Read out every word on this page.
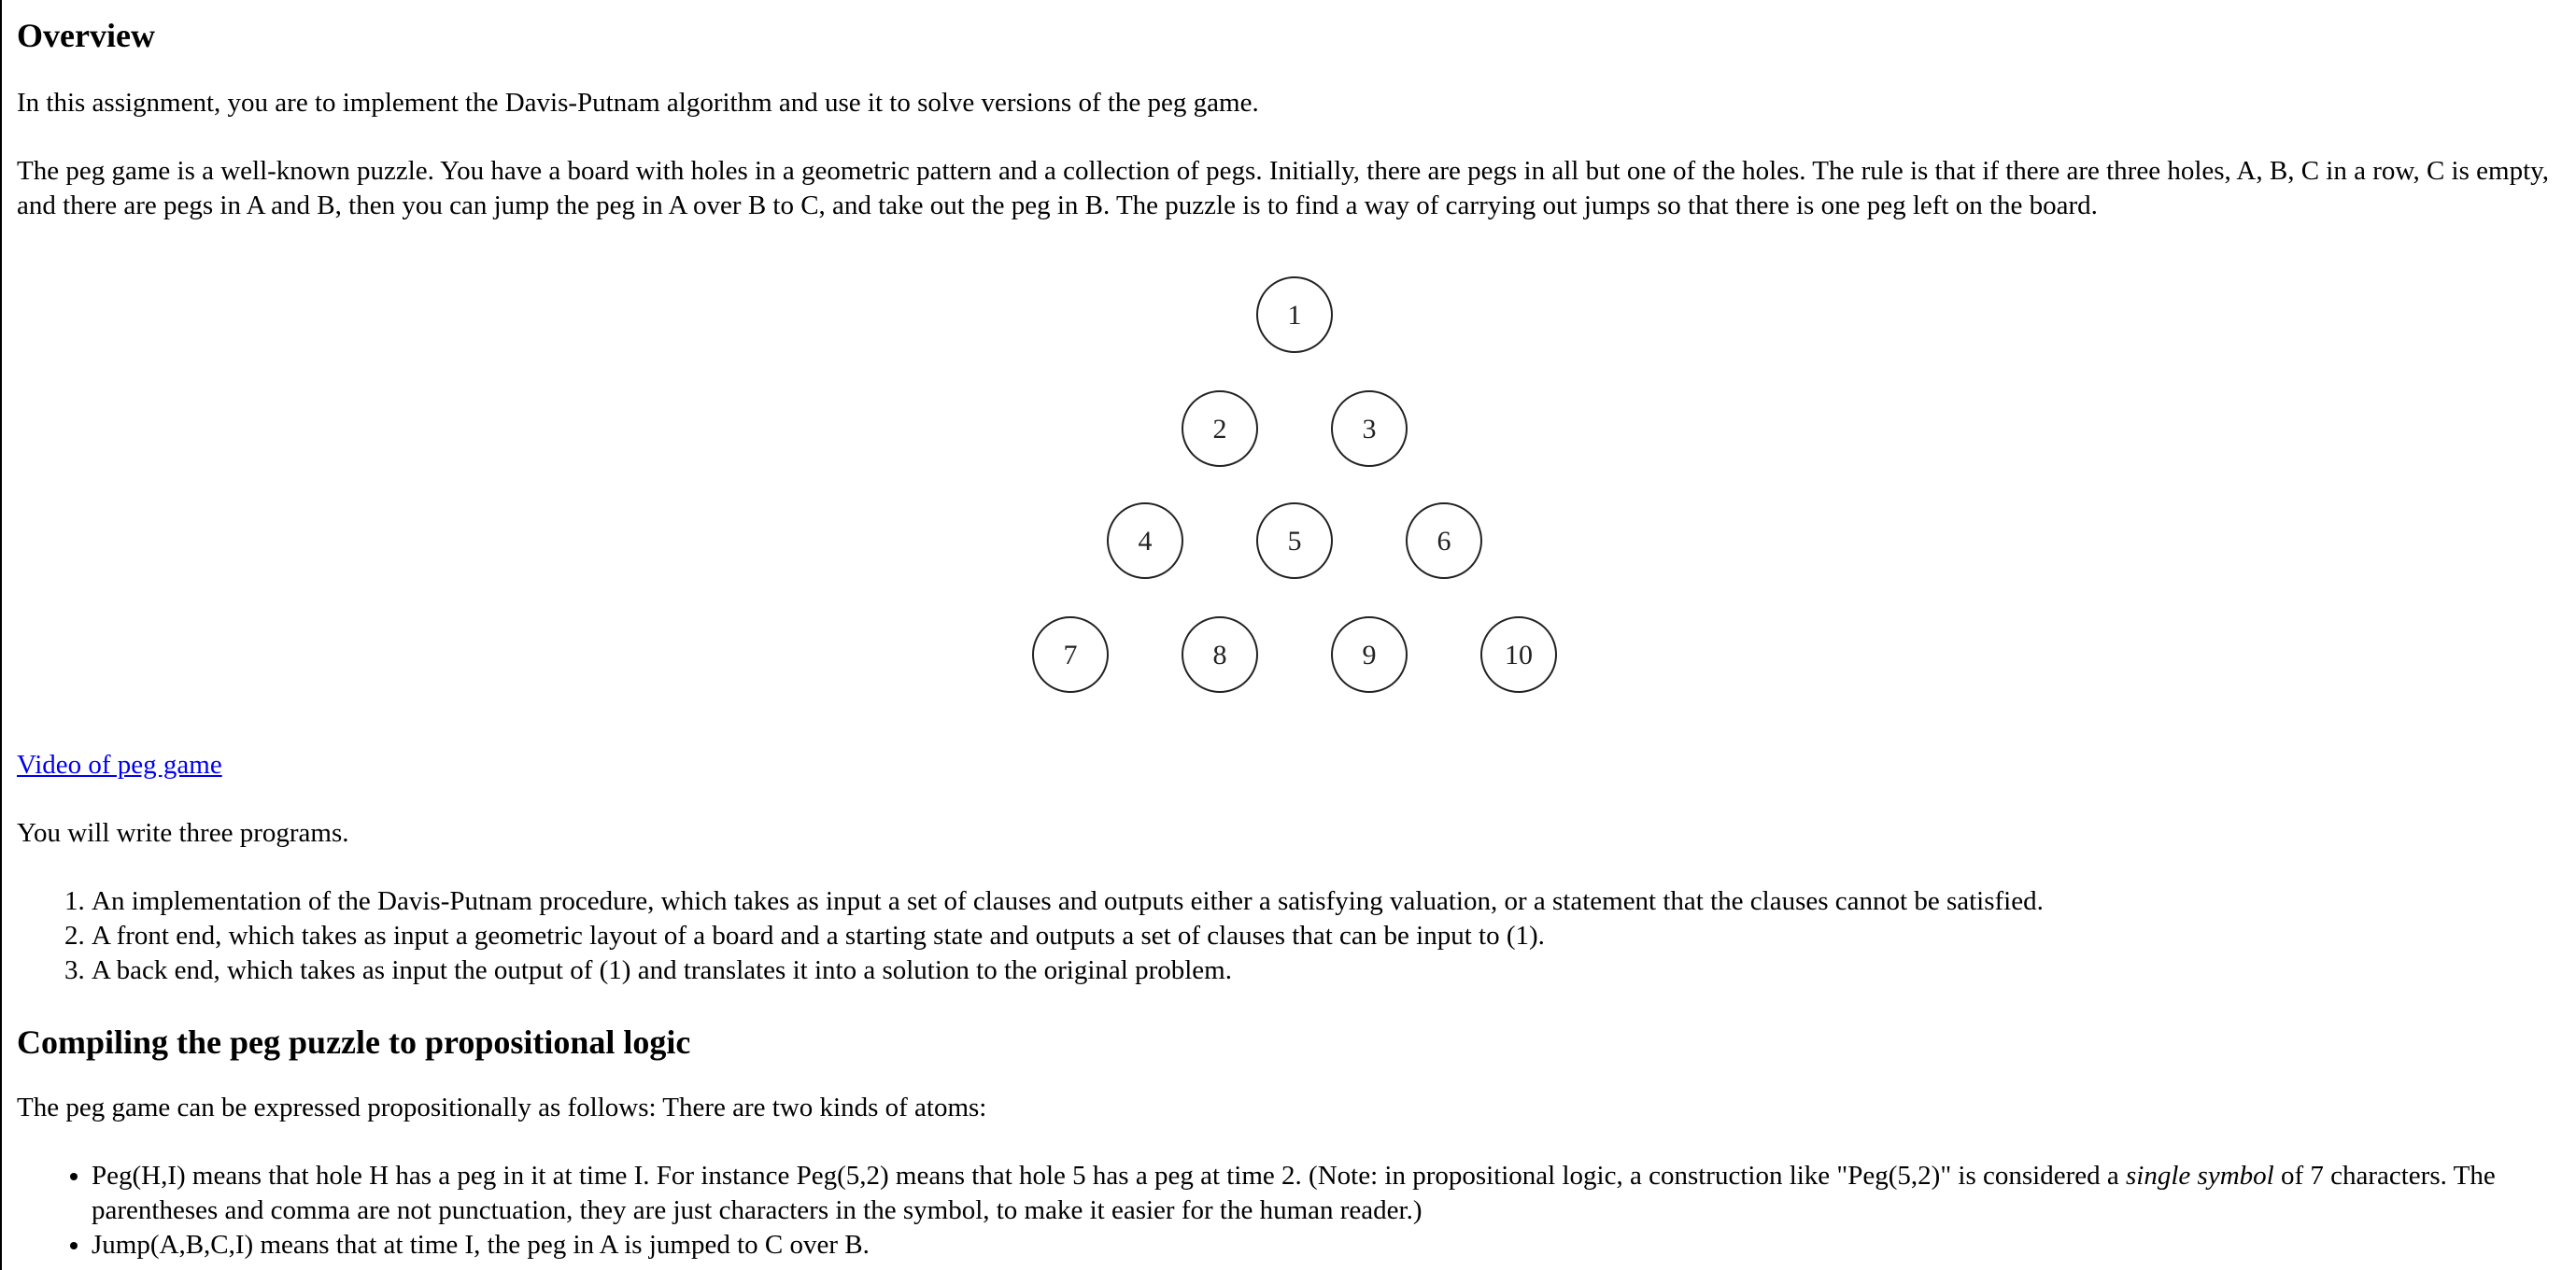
Overview

In this assignment, you are to implement the Davis-Putnam algorithm and use it to solve versions of the peg game.

The peg game is a well-known puzzle. You have a board with holes in a geometric pattern and a collection of pegs. Initially, there are pegs in all but one of the holes. The rule is that if there are three holes, A, B, C in a row, C is empty, and there are pegs in A and B, then you can jump the peg in A over B to C, and take out the peg in B. The puzzle is to find a way of carrying out jumps so that there is one peg left on the board.

1
2	3
4	5	6
7	8	9	10

Video of peg game

You will write three programs.

1. An implementation of the Davis-Putnam procedure, which takes as input a set of clauses and outputs either a satisfying valuation, or a statement that the clauses cannot be satisfied.
2. A front end, which takes as input a geometric layout of a board and a starting state and outputs a set of clauses that can be input to (1).
3. A back end, which takes as input the output of (1) and translates it into a solution to the original problem.
Compiling the peg puzzle to propositional logic

The peg game can be expressed propositionally as follows: There are two kinds of atoms:

• Peg(H,I) means that hole H has a peg in it at time I. For instance Peg(5,2) means that hole 5 has a peg at time 2. (Note: in propositional logic, a construction like "Peg(5,2)" is considered a single symbol of 7 characters. The parentheses and comma are not punctuation, they are just characters in the symbol, to make it easier for the human reader.)
• Jump(A,B,C,I) means that at time I, the peg in A is jumped to C over B.
